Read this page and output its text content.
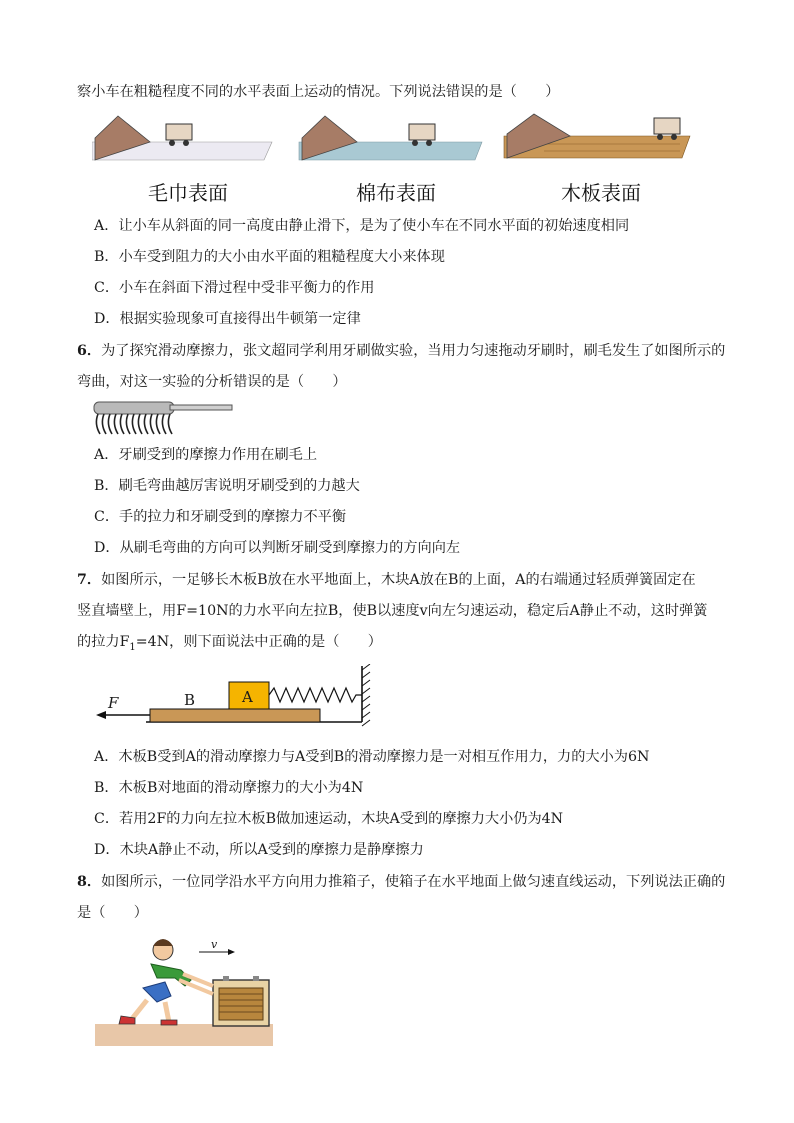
察小车在粗糙程度不同的水平表面上运动的情况。下列说法错误的是（　　）
毛巾表面	棉布表面	木板表面
A．让小车从斜面的同一高度由静止滑下，是为了使小车在不同水平面的初始速度相同
B．小车受到阻力的大小由水平面的粗糙程度大小来体现
C．小车在斜面下滑过程中受非平衡力的作用
D．根据实验现象可直接得出牛顿第一定律
6．为了探究滑动摩擦力，张文超同学利用牙刷做实验，当用力匀速拖动牙刷时，刷毛发生了如图所示的
弯曲，对这一实验的分析错误的是（　　）
A．牙刷受到的摩擦力作用在刷毛上
B．刷毛弯曲越厉害说明牙刷受到的力越大
C．手的拉力和牙刷受到的摩擦力不平衡
D．从刷毛弯曲的方向可以判断牙刷受到摩擦力的方向向左
7．如图所示，一足够长木板B放在水平地面上，木块A放在B的上面，A的右端通过轻质弹簧固定在
竖直墙壁上，用F=10N的力水平向左拉B，使B以速度v向左匀速运动，稳定后A静止不动，这时弹簧
的拉力$F_1=4N$，则下面说法中正确的是（　　）
F	B	A
A．木板B受到A的滑动摩擦力与A受到B的滑动摩擦力是一对相互作用力，力的大小为6N
B．木板B对地面的滑动摩擦力的大小为4N
C．若用2F的力向左拉木板B做加速运动，木块A受到的摩擦力大小仍为4N
D．木块A静止不动，所以A受到的摩擦力是静摩擦力
8．如图所示，一位同学沿水平方向用力推箱子，使箱子在水平地面上做匀速直线运动，下列说法正确的
是（　　）
v
